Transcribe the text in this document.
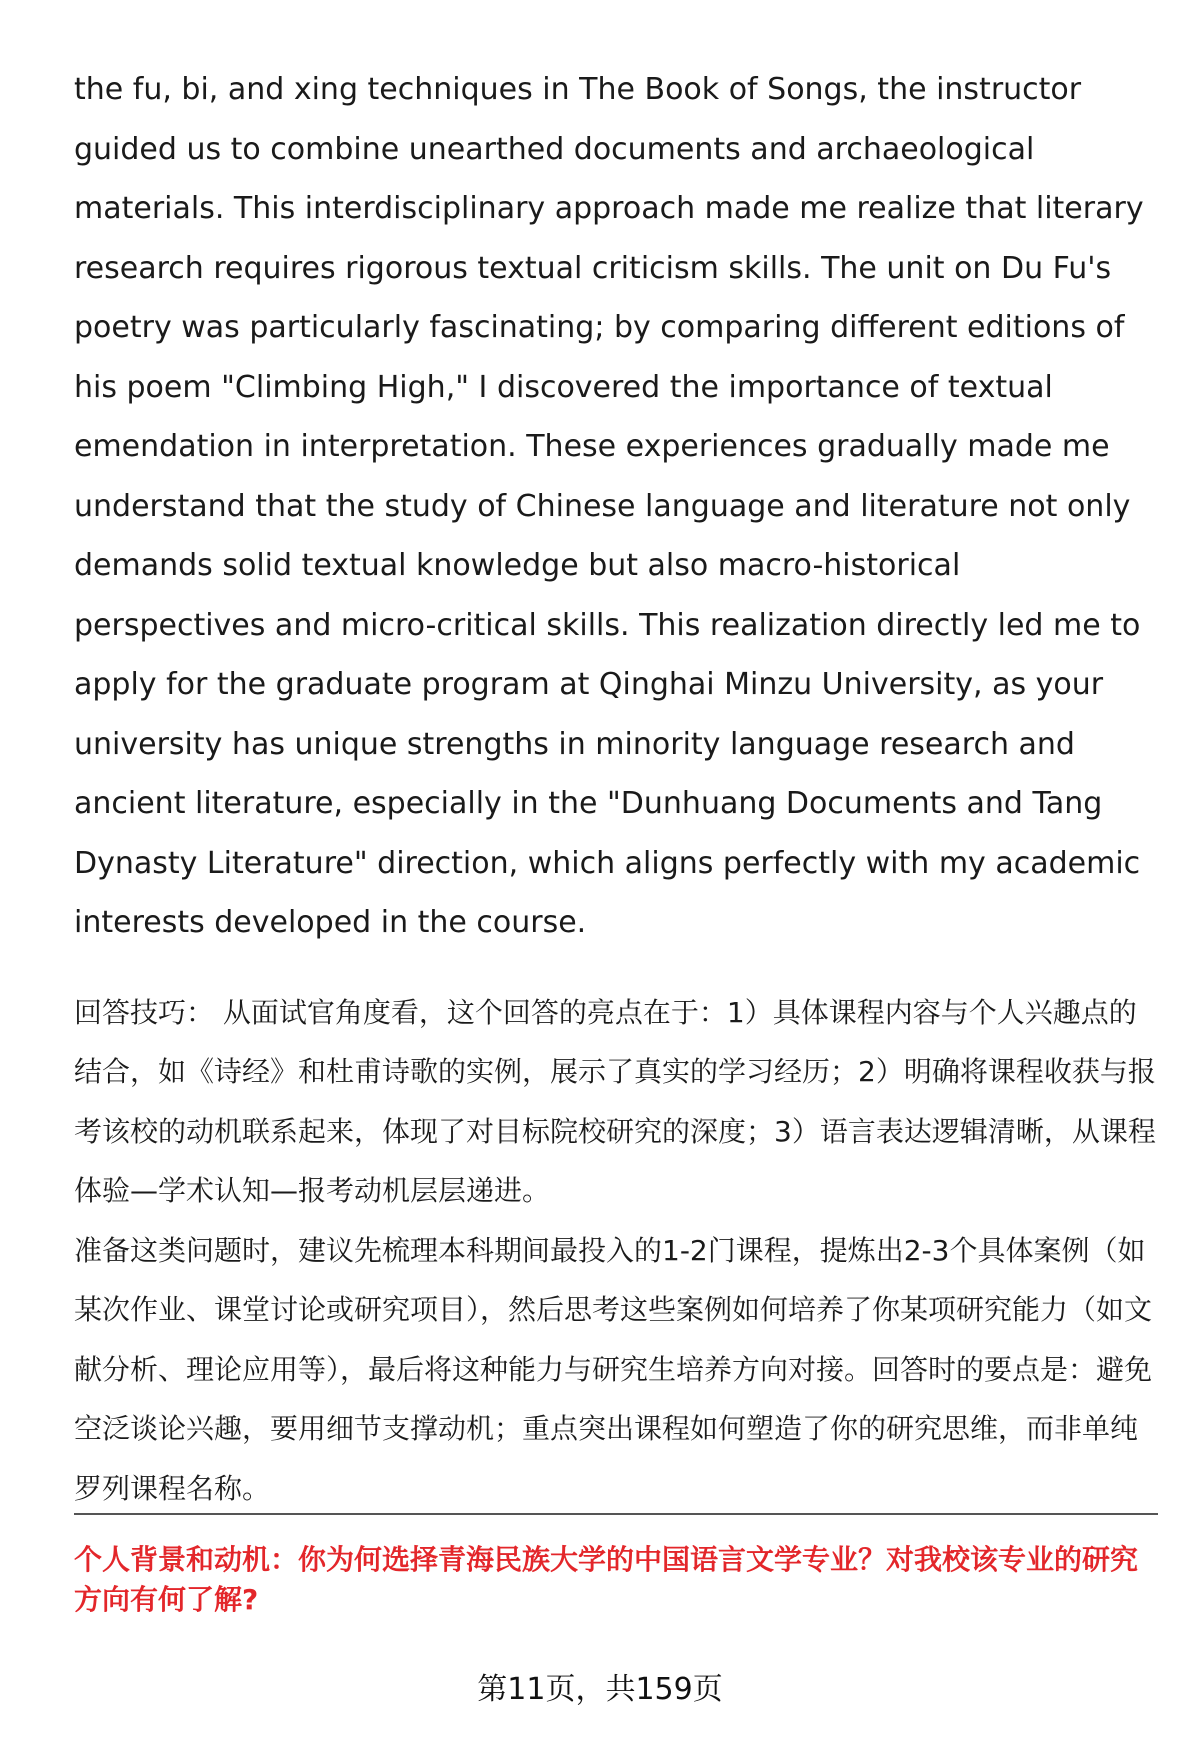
the fu, bi, and xing techniques in The Book of Songs, the instructor guided us to combine unearthed documents and archaeological materials. This interdisciplinary approach made me realize that literary research requires rigorous textual criticism skills. The unit on Du Fu's poetry was particularly fascinating; by comparing different editions of his poem "Climbing High," I discovered the importance of textual emendation in interpretation. These experiences gradually made me understand that the study of Chinese language and literature not only demands solid textual knowledge but also macro-historical perspectives and micro-critical skills. This realization directly led me to apply for the graduate program at Qinghai Minzu University, as your university has unique strengths in minority language research and ancient literature, especially in the "Dunhuang Documents and Tang Dynasty Literature" direction, which aligns perfectly with my academic interests developed in the course.

回答技巧： 从面试官角度看，这个回答的亮点在于：1）具体课程内容与个人兴趣点的结合，如《诗经》和杜甫诗歌的实例，展示了真实的学习经历；2）明确将课程收获与报考该校的动机联系起来，体现了对目标院校研究的深度；3）语言表达逻辑清晰，从课程体验—学术认知—报考动机层层递进。

准备这类问题时，建议先梳理本科期间最投入的1-2门课程，提炼出2-3个具体案例（如某次作业、课堂讨论或研究项目），然后思考这些案例如何培养了你某项研究能力（如文献分析、理论应用等），最后将这种能力与研究生培养方向对接。回答时的要点是：避免空泛谈论兴趣，要用细节支撑动机；重点突出课程如何塑造了你的研究思维，而非单纯罗列课程名称。

个人背景和动机：你为何选择青海民族大学的中国语言文学专业？对我校该专业的研究方向有何了解?

第11页，共159页
